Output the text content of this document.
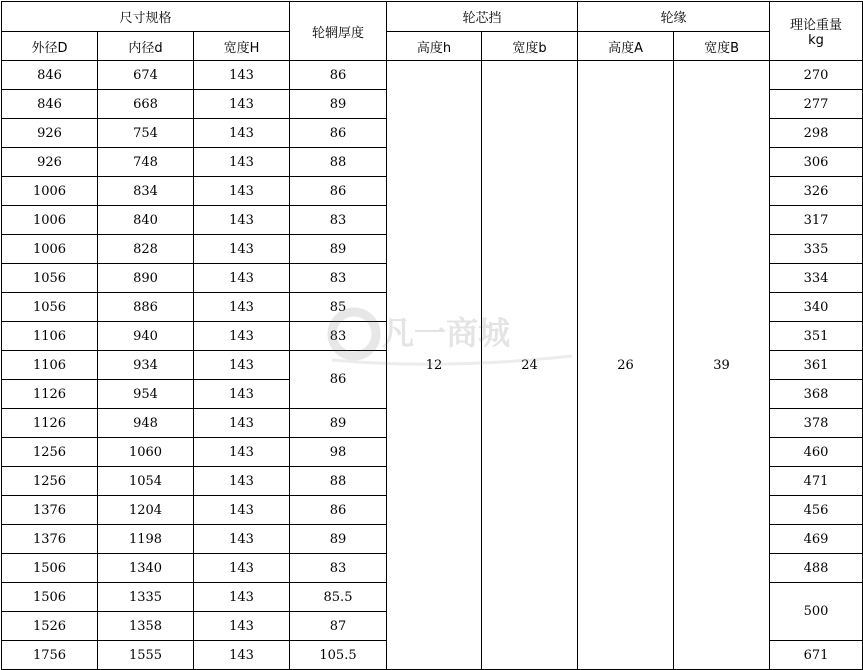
尺寸规格			轮辋厚度	轮芯挡		轮缘		理论重量
kg

外径D	内径d	宽度H		高度h	宽度b	高度A	宽度B	
846	674	143	86	12	24	26	39	270
846	668	143	89					277
926	754	143	86					298
926	748	143	88					306
1006	834	143	86					326
1006	840	143	83					317
1006	828	143	89					335
1056	890	143	83					334
1056	886	143	85					340
1106	940	143	83					351
1106	934	143	86					361
1126	954	143						368
1126	948	143	89					378
1256	1060	143	98					460
1256	1054	143	88					471
1376	1204	143	86					456
1376	1198	143	89					469
1506	1340	143	83					488
1506	1335	143	85.5					500
1526	1358	143	87					
1756	1555	143	105.5					671
凡一商城
